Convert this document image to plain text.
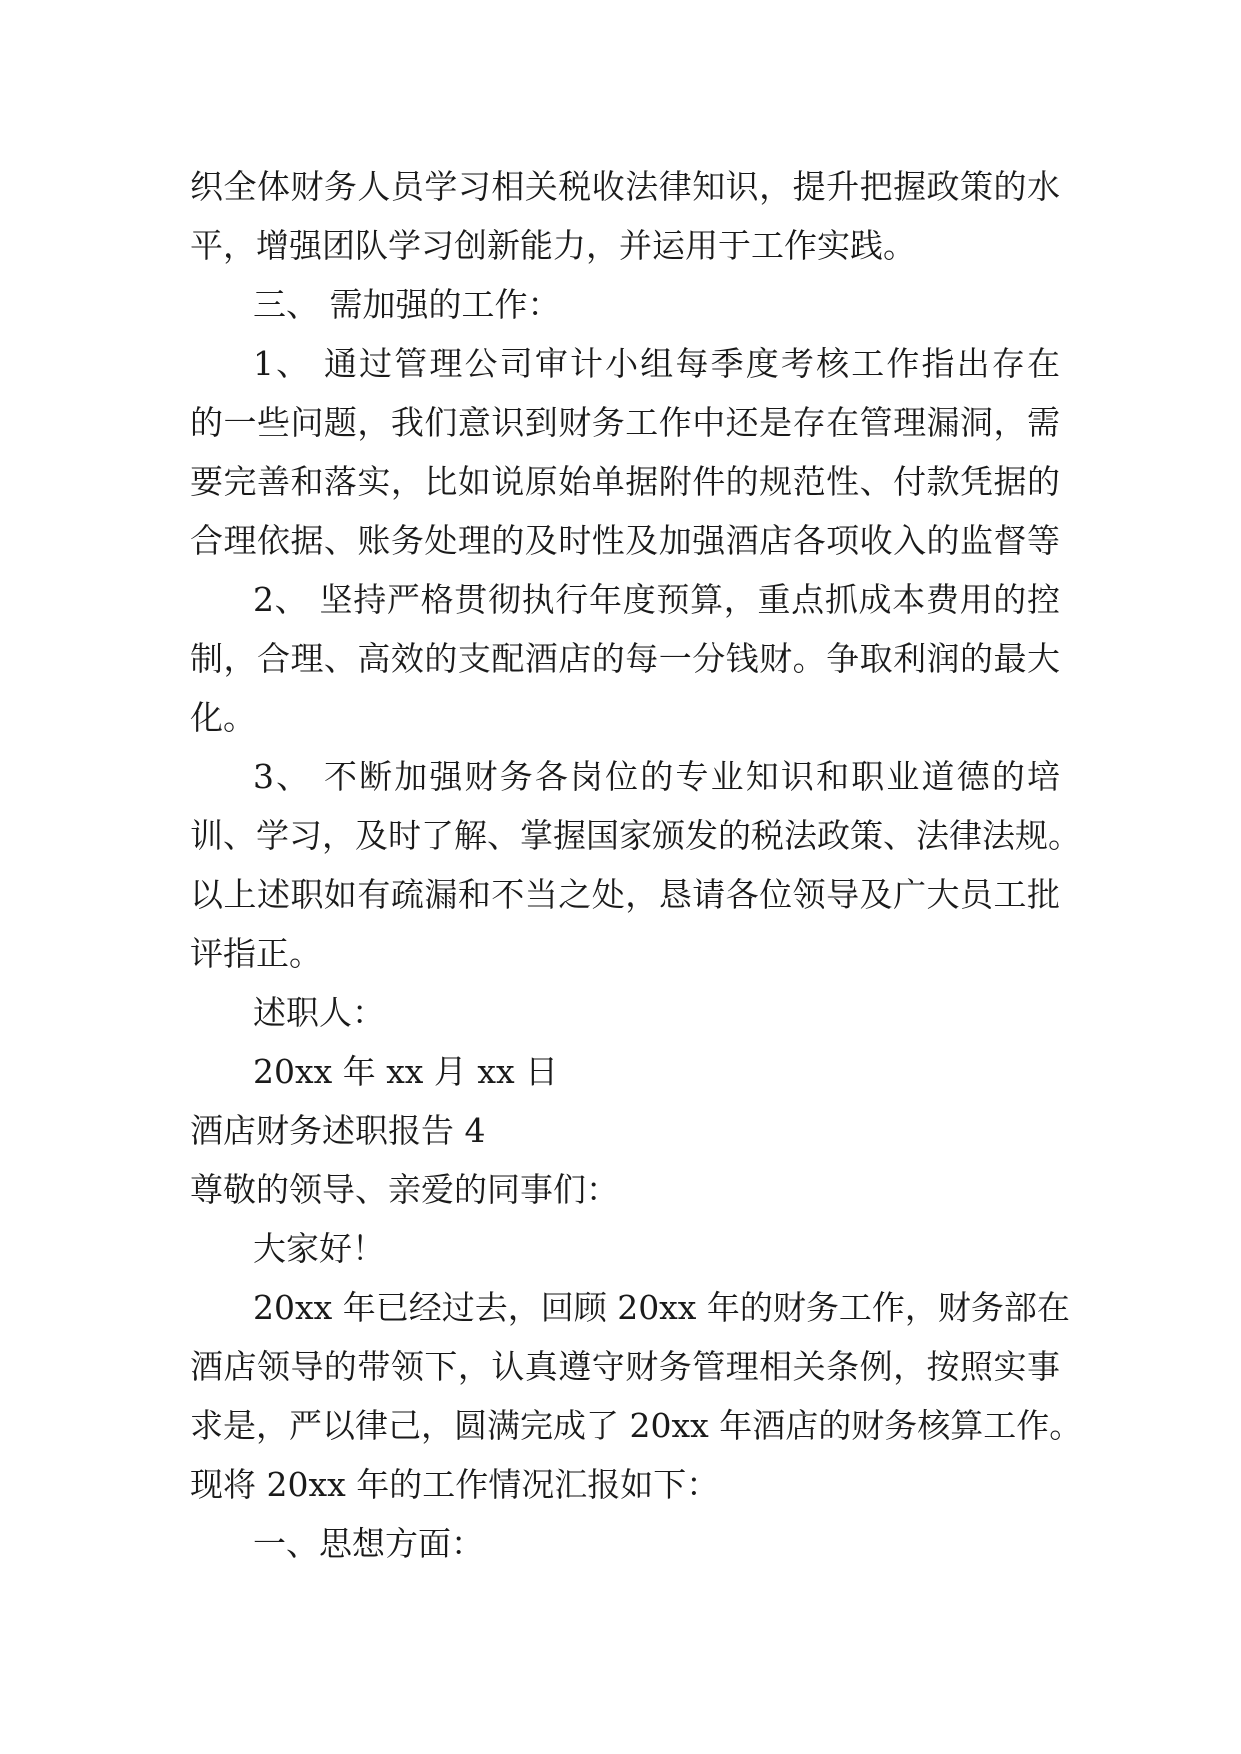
织全体财务人员学习相关税收法律知识，提升把握政策的水
平，增强团队学习创新能力，并运用于工作实践。
三、 需加强的工作：
1、 通过管理公司审计小组每季度考核工作指出存在
的一些问题，我们意识到财务工作中还是存在管理漏洞，需
要完善和落实，比如说原始单据附件的规范性、付款凭据的
合理依据、账务处理的及时性及加强酒店各项收入的监督等
2、 坚持严格贯彻执行年度预算，重点抓成本费用的控
制，合理、高效的支配酒店的每一分钱财。争取利润的最大
化。
3、 不断加强财务各岗位的专业知识和职业道德的培
训、学习，及时了解、掌握国家颁发的税法政策、法律法规。
以上述职如有疏漏和不当之处，恳请各位领导及广大员工批
评指正。
述职人：
20xx 年 xx 月 xx 日
酒店财务述职报告 4
尊敬的领导、亲爱的同事们：
大家好！
20xx 年已经过去，回顾 20xx 年的财务工作，财务部在
酒店领导的带领下，认真遵守财务管理相关条例，按照实事
求是，严以律己，圆满完成了 20xx 年酒店的财务核算工作。
现将 20xx 年的工作情况汇报如下：
一、思想方面：
